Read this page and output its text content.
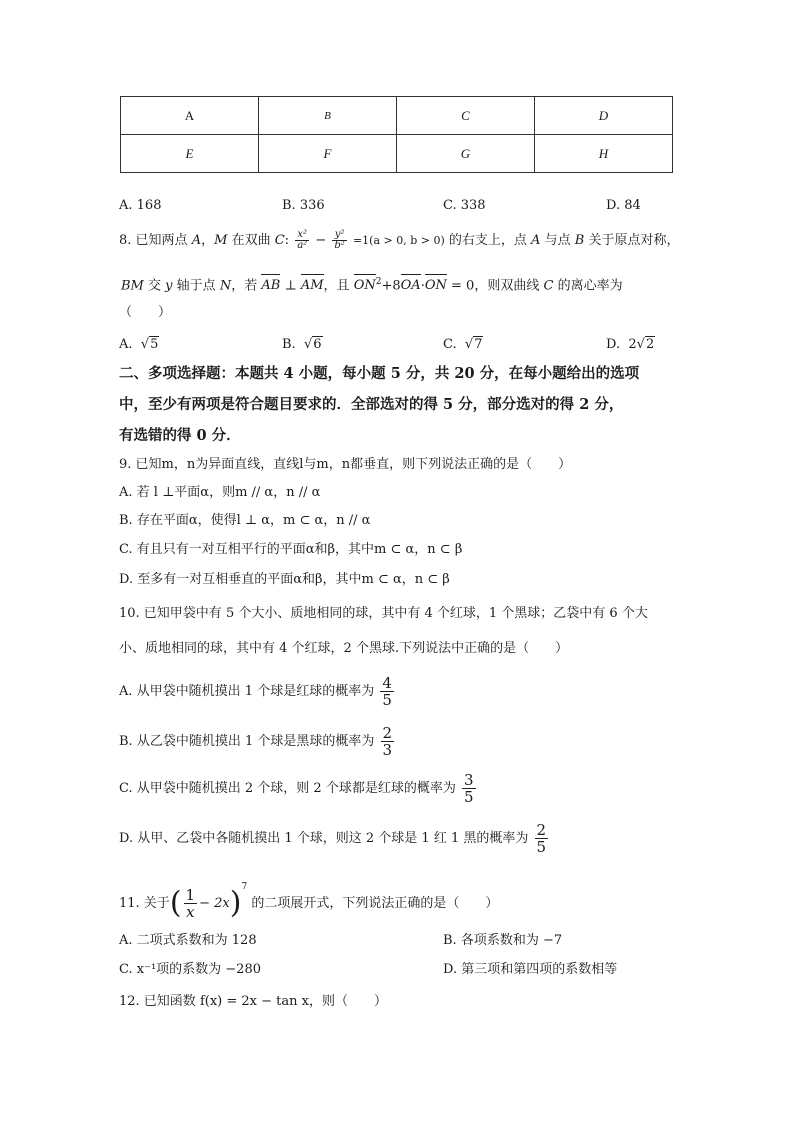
A	B	C	D
E	F	G	H
A. 168	B. 336	C. 338	D. 84
8. 已知两点 A，M 在双曲 C: $\frac{\text{x²}}{\text{a²}} - \frac{\text{y²}}{\text{b²}} =1(a > 0$, b > 0) 的右支上，点 A 与点 B 关于原点对称，
BM 交 y 轴于点 N，若 AB ⊥ AM，且 $ON^2+8OA\cdot ON = 0$，则双曲线 C 的离心率为
（　　）
A. √5	B. √6	C. √7	D. 2√2
二、多项选择题：本题共 4 小题，每小题 5 分，共 20 分，在每小题给出的选项
中，至少有两项是符合题目要求的．全部选对的得 5 分，部分选对的得 2 分，
有选错的得 0 分．
9. 已知m，n为异面直线，直线l与m，n都垂直，则下列说法正确的是（　　）
A. 若 l ⊥平面α，则m // α，n // α
B. 存在平面α，使得l ⊥ α，m ⊂ α，n // α
C. 有且只有一对互相平行的平面α和β，其中m ⊂ α，n ⊂ β
D. 至多有一对互相垂直的平面α和β，其中m ⊂ α，n ⊂ β
10. 已知甲袋中有 5 个大小、质地相同的球，其中有 4 个红球，1 个黑球；乙袋中有 6 个大
小、质地相同的球，其中有 4 个红球，2 个黑球.下列说法中正确的是（　　）
A. 从甲袋中随机摸出 1 个球是红球的概率为 $\frac{4}{5}$
B. 从乙袋中随机摸出 1 个球是黑球的概率为 $\frac{2}{3}$
C. 从甲袋中随机摸出 2 个球，则 2 个球都是红球的概率为 $\frac{3}{5}$
D. 从甲、乙袋中各随机摸出 1 个球，则这 2 个球是 1 红 1 黑的概率为 $\frac{2}{5}$
11. 关于( $\frac{1}{x} - 2x)^7$ 的二项展开式，下列说法正确的是（　　）
A. 二项式系数和为 128	B. 各项系数和为 −7
C. x⁻¹项的系数为 −280	D. 第三项和第四项的系数相等
12. 已知函数 f(x) = 2x − tan x，则（　　）
